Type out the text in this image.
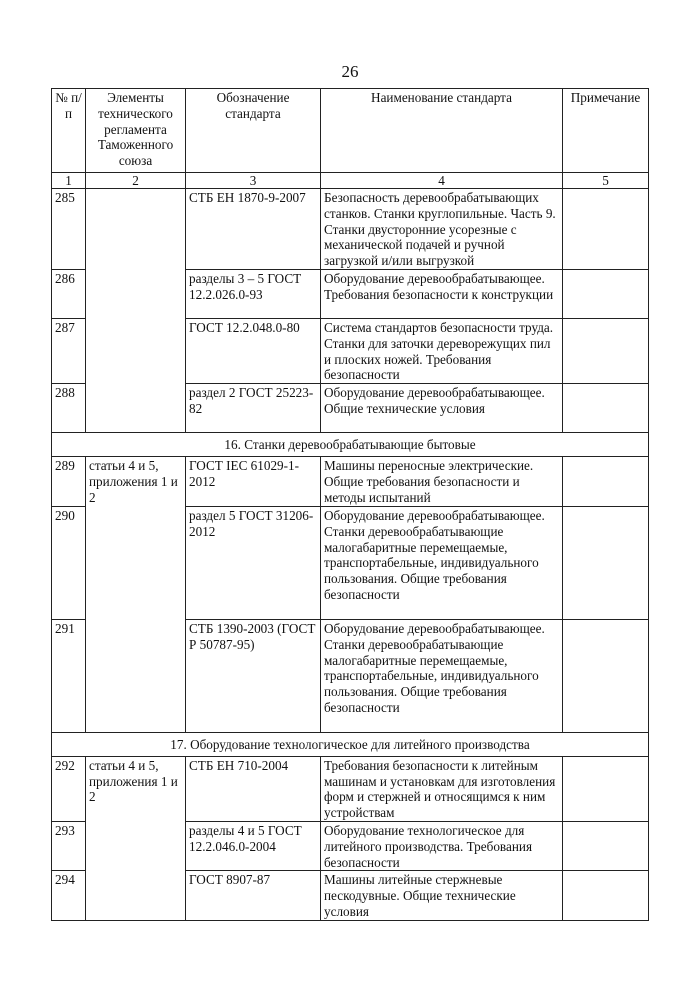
26
№ п/п	Элементы технического регламента Таможенного союза	Обозначение стандарта	Наименование стандарта	Примечание
1	2	3	4	5
285		СТБ ЕН 1870-9-2007	Безопасность деревообрабатывающих станков. Станки круглопильные. Часть 9. Станки двусторонние усорезные с механической подачей и ручной загрузкой и/или выгрузкой	
286		разделы 3 – 5 ГОСТ 12.2.026.0-93	Оборудование деревообрабатывающее. Требования безопасности к конструкции	
287		ГОСТ 12.2.048.0-80	Система стандартов безопасности труда. Станки для заточки дереворежущих пил и плоских ножей. Требования безопасности	
288		раздел 2 ГОСТ 25223-82	Оборудование деревообрабатывающее. Общие технические условия	
16. Станки деревообрабатывающие бытовые				
289	статьи 4 и 5, приложения 1 и 2	ГОСТ IEC 61029-1-2012	Машины переносные электрические. Общие требования безопасности и методы испытаний	
290		раздел 5 ГОСТ 31206-2012	Оборудование деревообрабатывающее. Станки деревообрабатывающие малогабаритные перемещаемые, транспортабельные, индивидуального пользования. Общие требования безопасности	
291		СТБ 1390-2003 (ГОСТ Р 50787-95)	Оборудование деревообрабатывающее. Станки деревообрабатывающие малогабаритные перемещаемые, транспортабельные, индивидуального пользования. Общие требования безопасности	
17. Оборудование технологическое для литейного производства				
292	статьи 4 и 5, приложения 1 и 2	СТБ ЕН 710-2004	Требования безопасности к литейным машинам и установкам для изготовления форм и стержней и относящимся к ним устройствам	
293		разделы 4 и 5 ГОСТ 12.2.046.0-2004	Оборудование технологическое для литейного производства. Требования безопасности	
294		ГОСТ 8907-87	Машины литейные стержневые пескодувные. Общие технические условия	
